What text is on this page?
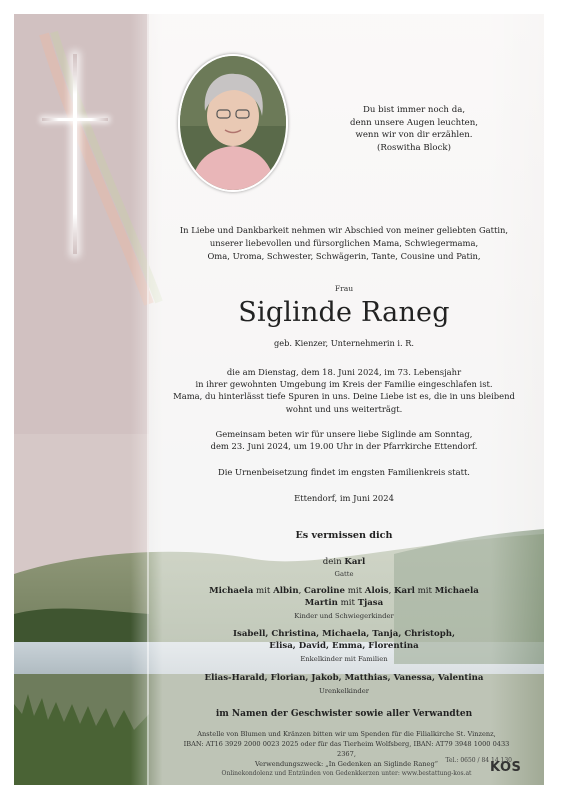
Du bist immer noch da,
denn unsere Augen leuchten,
wenn wir von dir erzählen.
(Roswitha Block)
In Liebe und Dankbarkeit nehmen wir Abschied von meiner geliebten Gattin,
unserer liebevollen und fürsorglichen Mama, Schwiegermama,
Oma, Uroma, Schwester, Schwägerin, Tante, Cousine und Patin,
Frau
Siglinde Raneg
geb. Kienzer, Unternehmerin i. R.
die am Dienstag, dem 18. Juni 2024, im 73. Lebensjahr
in ihrer gewohnten Umgebung im Kreis der Familie eingeschlafen ist.
Mama, du hinterlässt tiefe Spuren in uns. Deine Liebe ist es, die in uns bleibend
wohnt und uns weiterträgt.
Gemeinsam beten wir für unsere liebe Siglinde am Sonntag,
dem 23. Juni 2024, um 19.00 Uhr in der Pfarrkirche Ettendorf.
Die Urnenbeisetzung findet im engsten Familienkreis statt.
Ettendorf, im Juni 2024
Es vermissen dich
dein Karl
Gatte
Michaela mit Albin, Caroline mit Alois, Karl mit Michaela
Martin mit Tjasa
Kinder und Schwiegerkinder
Isabell, Christina, Michaela, Tanja, Christoph,
Elisa, David, Emma, Florentina
Enkelkinder mit Familien
Elias-Harald, Florian, Jakob, Matthias, Vanessa, Valentina
Urenkelkinder
im Namen der Geschwister sowie aller Verwandten
Anstelle von Blumen und Kränzen bitten wir um Spenden für die Filialkirche St. Vinzenz,
IBAN: AT16 3929 2000 0023 2025 oder für das Tierheim Wolfsberg, IBAN: AT79 3948 1000 0433 2367,
Verwendungszweck: „In Gedenken an Siglinde Raneg“	Tel.: 0650 / 84 14 130
Onlinekondolenz und Entzünden von Gedenkkerzen unter: www.bestattung-kos.at	KOS
